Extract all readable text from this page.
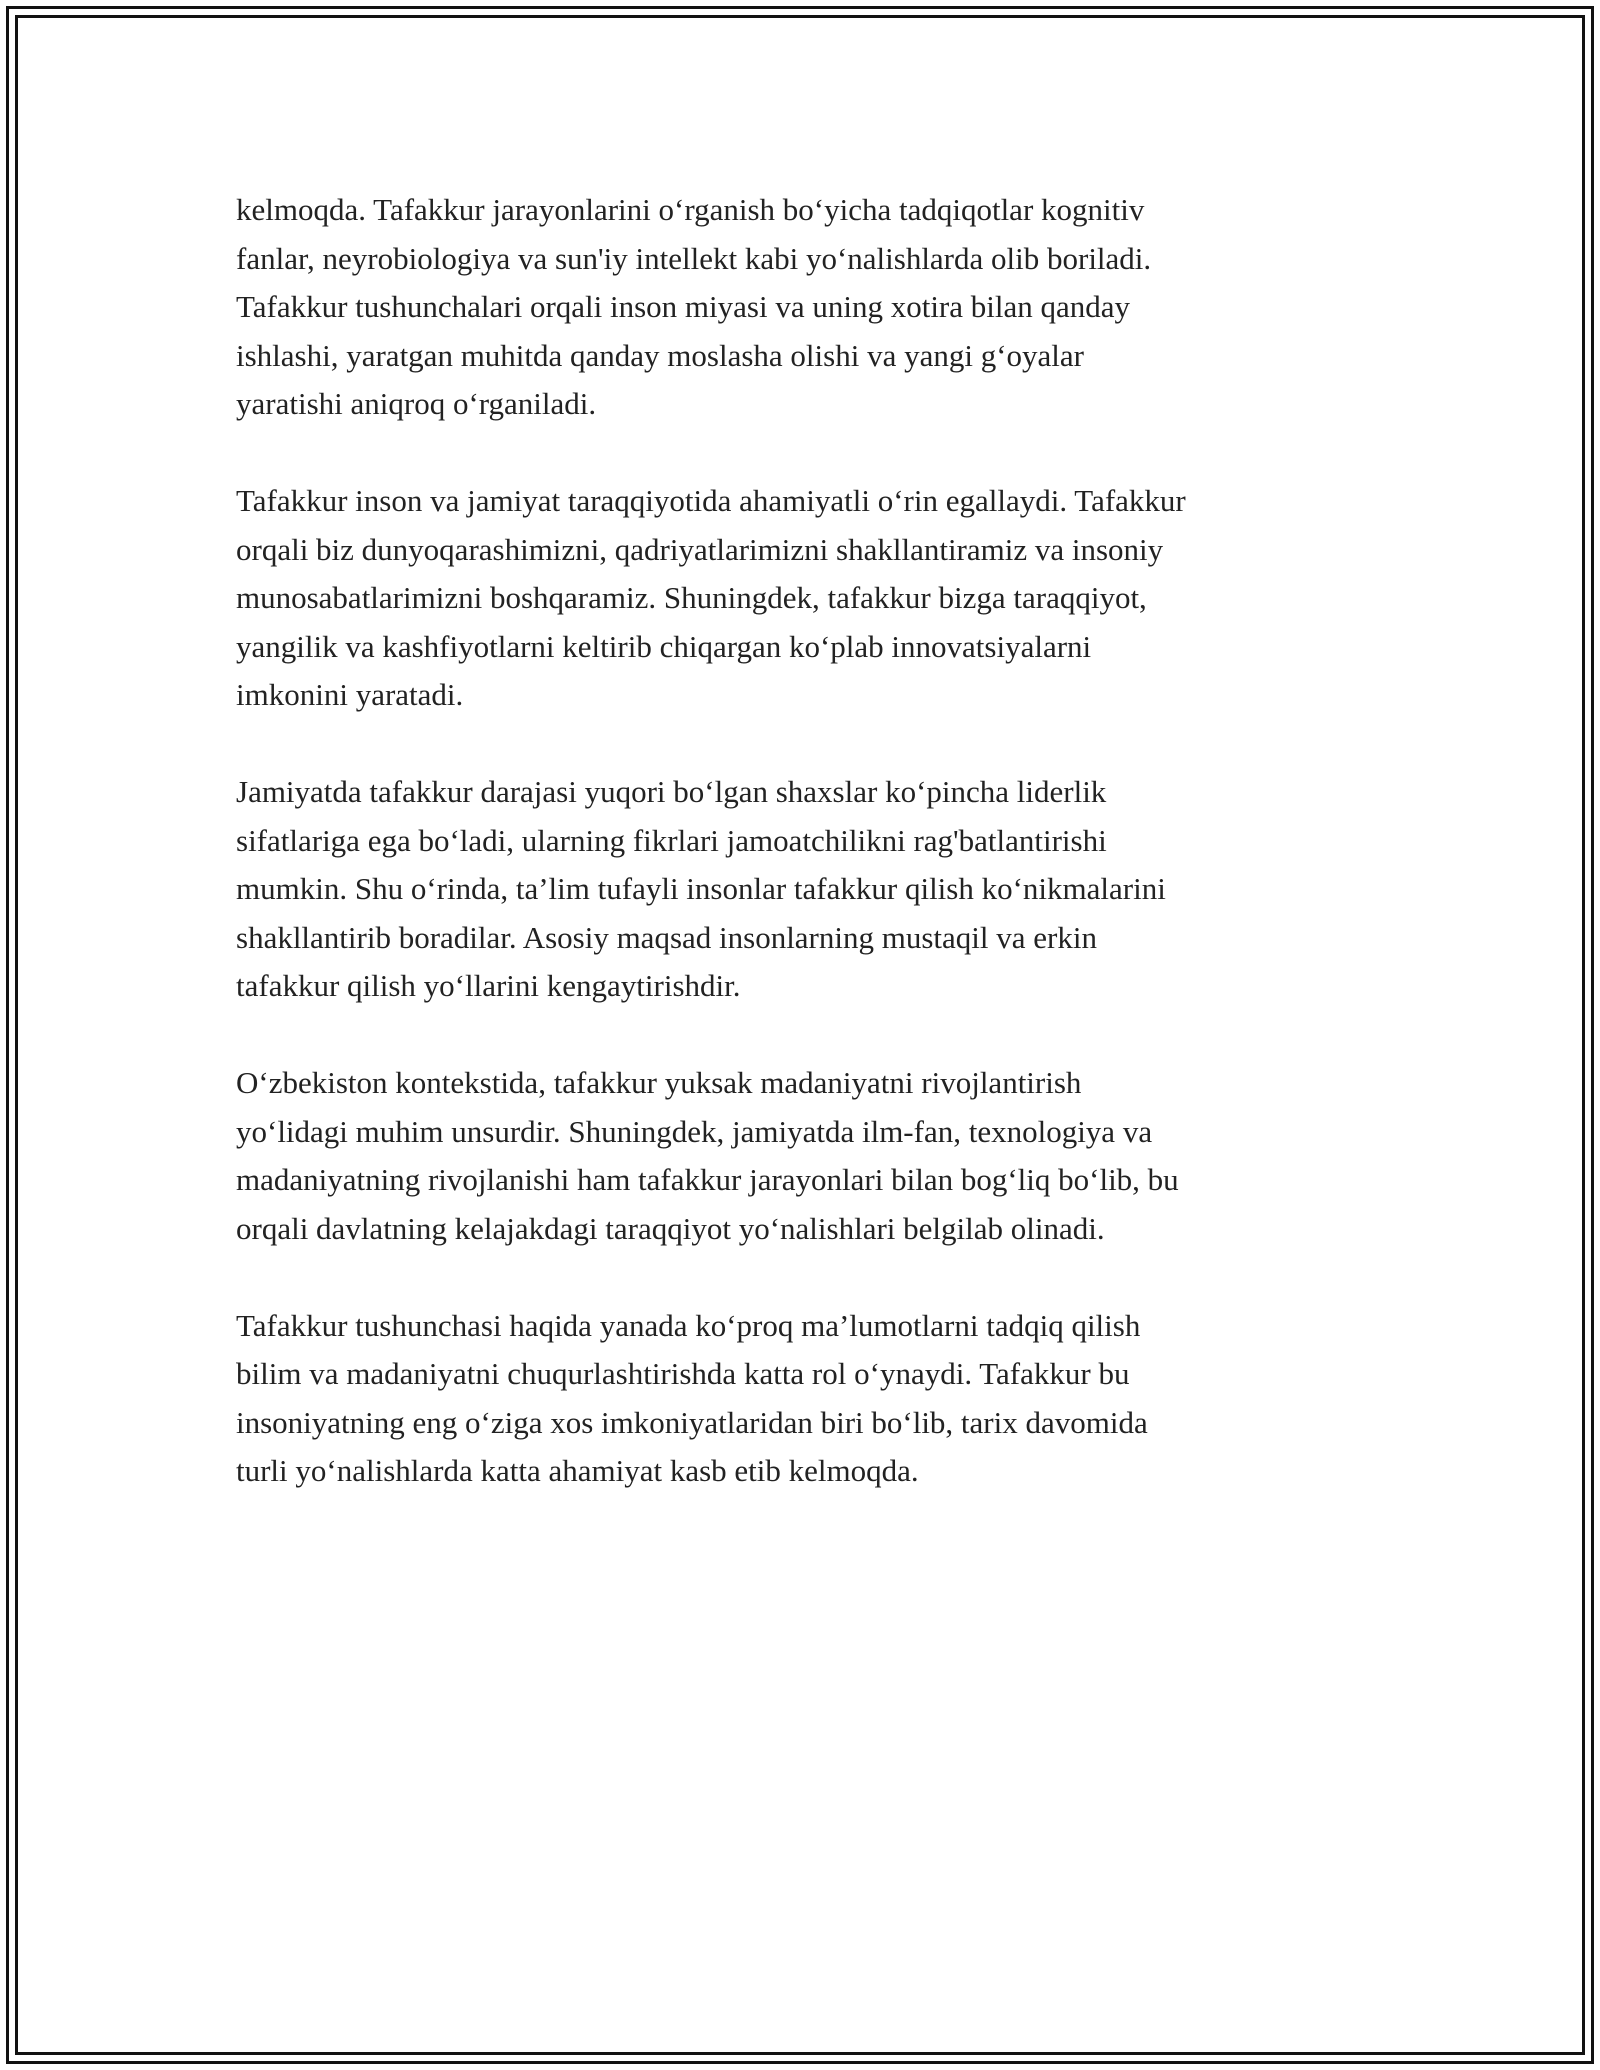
kelmoqda. Tafakkur jarayonlarini o‘rganish bo‘yicha tadqiqotlar kognitiv
fanlar, neyrobiologiya va sun'iy intellekt kabi yo‘nalishlarda olib boriladi.
Tafakkur tushunchalari orqali inson miyasi va uning xotira bilan qanday
ishlashi, yaratgan muhitda qanday moslasha olishi va yangi g‘oyalar
yaratishi aniqroq o‘rganiladi.

Tafakkur inson va jamiyat taraqqiyotida ahamiyatli o‘rin egallaydi. Tafakkur
orqali biz dunyoqarashimizni, qadriyatlarimizni shakllantiramiz va insoniy
munosabatlarimizni boshqaramiz. Shuningdek, tafakkur bizga taraqqiyot,
yangilik va kashfiyotlarni keltirib chiqargan ko‘plab innovatsiyalarni
imkonini yaratadi.

Jamiyatda tafakkur darajasi yuqori bo‘lgan shaxslar ko‘pincha liderlik
sifatlariga ega bo‘ladi, ularning fikrlari jamoatchilikni rag'batlantirishi
mumkin. Shu o‘rinda, ta’lim tufayli insonlar tafakkur qilish ko‘nikmalarini
shakllantirib boradilar. Asosiy maqsad insonlarning mustaqil va erkin
tafakkur qilish yo‘llarini kengaytirishdir.

O‘zbekiston kontekstida, tafakkur yuksak madaniyatni rivojlantirish
yo‘lidagi muhim unsurdir. Shuningdek, jamiyatda ilm-fan, texnologiya va
madaniyatning rivojlanishi ham tafakkur jarayonlari bilan bog‘liq bo‘lib, bu
orqali davlatning kelajakdagi taraqqiyot yo‘nalishlari belgilab olinadi.

Tafakkur tushunchasi haqida yanada ko‘proq ma’lumotlarni tadqiq qilish
bilim va madaniyatni chuqurlashtirishda katta rol o‘ynaydi. Tafakkur bu
insoniyatning eng o‘ziga xos imkoniyatlaridan biri bo‘lib, tarix davomida
turli yo‘nalishlarda katta ahamiyat kasb etib kelmoqda.
